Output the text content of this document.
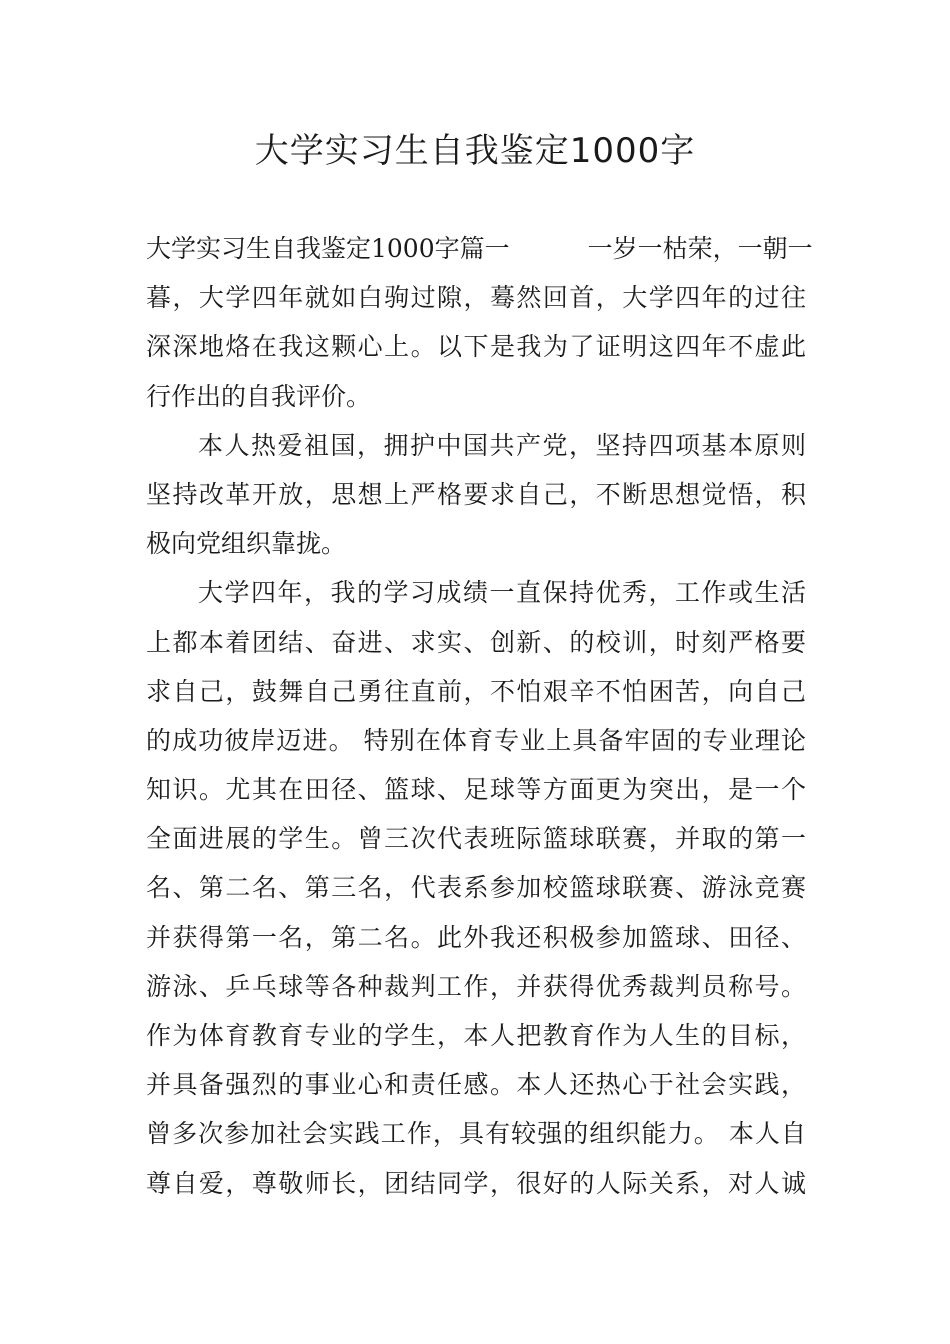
大学实习生自我鉴定1000字
大学实习生自我鉴定1000字篇一	一岁一枯荣，一朝一
暮，大学四年就如白驹过隙，蓦然回首，大学四年的过往
深深地烙在我这颗心上。以下是我为了证明这四年不虚此
行作出的自我评价。
本人热爱祖国，拥护中国共产党，坚持四项基本原则
坚持改革开放，思想上严格要求自己，不断思想觉悟，积
极向党组织靠拢。
大学四年，我的学习成绩一直保持优秀，工作或生活
上都本着团结、奋进、求实、创新、的校训，时刻严格要
求自己，鼓舞自己勇往直前，不怕艰辛不怕困苦，向自己
的成功彼岸迈进。 特别在体育专业上具备牢固的专业理论
知识。尤其在田径、篮球、足球等方面更为突出，是一个
全面进展的学生。曾三次代表班际篮球联赛，并取的第一
名、第二名、第三名，代表系参加校篮球联赛、游泳竞赛
并获得第一名，第二名。此外我还积极参加篮球、田径、
游泳、乒乓球等各种裁判工作，并获得优秀裁判员称号。
作为体育教育专业的学生，本人把教育作为人生的目标，
并具备强烈的事业心和责任感。本人还热心于社会实践，
曾多次参加社会实践工作，具有较强的组织能力。 本人自
尊自爱，尊敬师长，团结同学，很好的人际关系，对人诚
